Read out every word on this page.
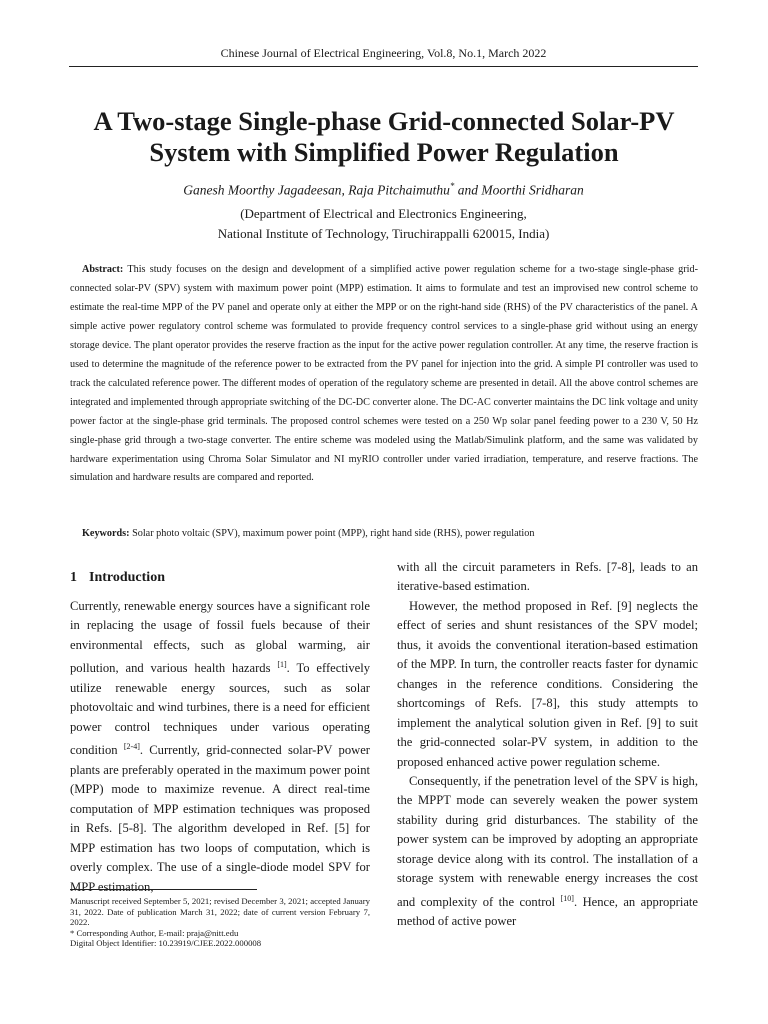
Chinese Journal of Electrical Engineering, Vol.8, No.1, March 2022
A Two-stage Single-phase Grid-connected Solar-PV
System with Simplified Power Regulation
Ganesh Moorthy Jagadeesan, Raja Pitchaimuthu* and Moorthi Sridharan
(Department of Electrical and Electronics Engineering,
National Institute of Technology, Tiruchirappalli 620015, India)

Abstract: This study focuses on the design and development of a simplified active power regulation scheme for a two-stage single-phase grid-connected solar-PV (SPV) system with maximum power point (MPP) estimation. It aims to formulate and test an improvised new control scheme to estimate the real-time MPP of the PV panel and operate only at either the MPP or on the right-hand side (RHS) of the PV characteristics of the panel. A simple active power regulatory control scheme was formulated to provide frequency control services to a single-phase grid without using an energy storage device. The plant operator provides the reserve fraction as the input for the active power regulation controller. At any time, the reserve fraction is used to determine the magnitude of the reference power to be extracted from the PV panel for injection into the grid. A simple PI controller was used to track the calculated reference power. The different modes of operation of the regulatory scheme are presented in detail. All the above control schemes are integrated and implemented through appropriate switching of the DC-DC converter alone. The DC-AC converter maintains the DC link voltage and unity power factor at the single-phase grid terminals. The proposed control schemes were tested on a 250 Wp solar panel feeding power to a 230 V, 50 Hz single-phase grid through a two-stage converter. The entire scheme was modeled using the Matlab/Simulink platform, and the same was validated by hardware experimentation using Chroma Solar Simulator and NI myRIO controller under varied irradiation, temperature, and reserve fractions. The simulation and hardware results are compared and reported.

Keywords: Solar photo voltaic (SPV), maximum power point (MPP), right hand side (RHS), power regulation
1 Introduction

Currently, renewable energy sources have a significant role in replacing the usage of fossil fuels because of their environmental effects, such as global warming, air pollution, and various health hazards [1]. To effectively utilize renewable energy sources, such as solar photovoltaic and wind turbines, there is a need for efficient power control techniques under various operating condition [2-4]. Currently, grid-connected solar-PV power plants are preferably operated in the maximum power point (MPP) mode to maximize revenue. A direct real-time computation of MPP estimation techniques was proposed in Refs. [5-8]. The algorithm developed in Ref. [5] for MPP estimation has two loops of computation, which is overly complex. The use of a single-diode model SPV for MPP estimation,

with all the circuit parameters in Refs. [7-8], leads to an iterative-based estimation.

However, the method proposed in Ref. [9] neglects the effect of series and shunt resistances of the SPV model; thus, it avoids the conventional iteration-based estimation of the MPP. In turn, the controller reacts faster for dynamic changes in the reference conditions. Considering the shortcomings of Refs. [7-8], this study attempts to implement the analytical solution given in Ref. [9] to suit the grid-connected solar-PV system, in addition to the proposed enhanced active power regulation scheme.

Consequently, if the penetration level of the SPV is high, the MPPT mode can severely weaken the power system stability during grid disturbances. The stability of the power system can be improved by adopting an appropriate storage device along with its control. The installation of a storage system with renewable energy increases the cost and complexity of the control [10]. Hence, an appropriate method of active power

Manuscript received September 5, 2021; revised December 3, 2021; accepted January 31, 2022. Date of publication March 31, 2022; date of current version February 7, 2022.
* Corresponding Author, E-mail: praja@nitt.edu
Digital Object Identifier: 10.23919/CJEE.2022.000008
